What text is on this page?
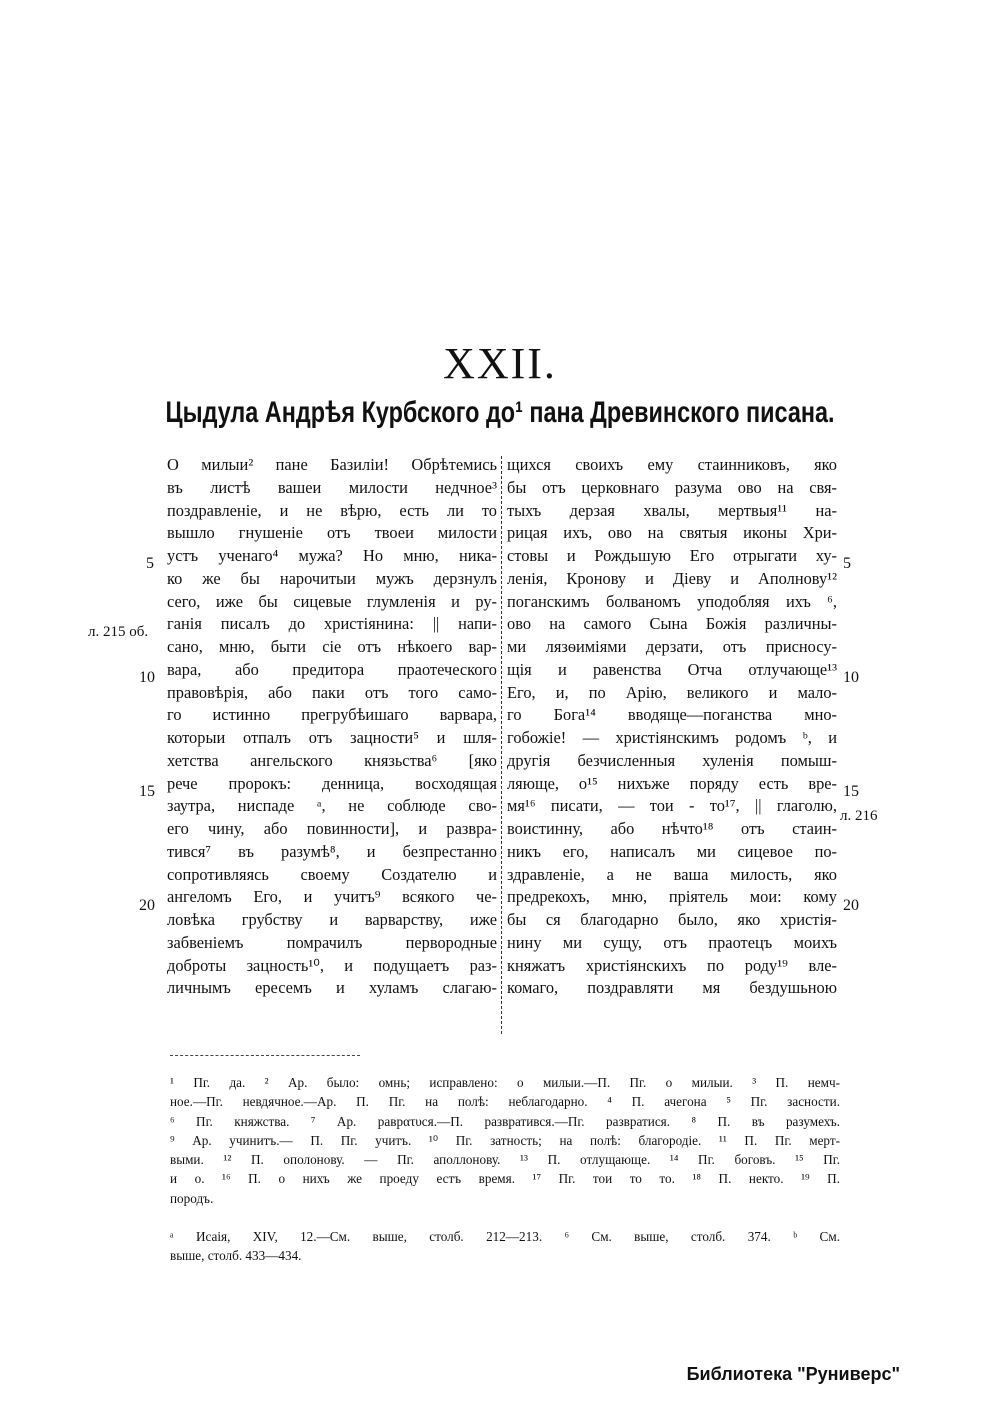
XXII.
Цыдула Андрѣя Курбского до¹ пана Древинского писана.
О милыи² пане Базилiи! Обрѣтемись
въ листѣ вашеи милости недчное³
поздравленiе, и не вѣрю, есть ли то
вышло гнушенiе отъ твоеи милости
устъ ученаго⁴ мужа? Но мню, ника-
ко же бы нарочитыи мужъ дерзнулъ
сего, иже бы сицевые глумленiя и ру-
ганiя писалъ до христiянина: || напи-
сано, мню, быти сiе отъ нѣкоего вар-
вара, або предитора праотеческого
правовѣрiя, або паки отъ того само-
го истинно прегрубѣишаго варвара,
которыи отпалъ отъ зацности⁵ и шля-
хетства ангельского князьства⁶ [яко
рече пророкъ: денница, восходящая
заутра, ниспаде ᵃ, не соблюде сво-
его чину, або повинности], и развра-
тився⁷ въ разумѣ⁸, и безпрестанно
сопротивляясь своему Создателю и
ангеломъ Его, и учитъ⁹ всякого че-
ловѣка грубству и варварству, иже
забвенiемъ помрачилъ первородные
доброты зацность¹⁰, и подущаетъ раз-
личнымъ ересемъ и хуламъ слагаю-
щихся своихъ ему стаинниковъ, яко
бы отъ церковнаго разума ово на свя-
тыхъ дерзая хвалы, мертвыя¹¹ на-
рицая ихъ, ово на святыя иконы Хри-
стовы и Рождьшую Его отрыгати ху-
ленiя, Кронову и Дiеву и Аполнову¹²
поганскимъ болваномъ уподобляя ихъ ⁶,
ово на самого Сына Божiя различны-
ми лязѳимiями дерзати, отъ присносу-
щiя и равенства Отча отлучающе¹³
Его, и, по Арiю, великого и мало-
го Бога¹⁴ вводяще—поганства мно-
гобожiе! — христiянскимъ родомъ ᵇ, и
другiя безчисленныя хуленiя помыш-
ляюще, о¹⁵ нихъже поряду есть вре-
мя¹⁶ писати, — тои - то¹⁷, || глаголю,
воистинну, або нѣчто¹⁸ отъ стаин-
никъ его, написалъ ми сицевое по-
здравленiе, а не ваша милость, яко
предрекохъ, мню, прiятель мои: кому
бы ся благодарно было, яко христiя-
нину ми сущу, отъ праотецъ моихъ
княжатъ христiянскихъ по роду¹⁹ вле-
комаго, поздравляти мя бездушьною
5
10
15
20
5
10
15
20
л. 215 об.
л. 216
¹ Пг. да. ² Ар. было: омнь; исправлено: о милыи.—П. Пг. о милыи. ³ П. немч-
ное.—Пг. невдячное.—Ар. П. Пг. на полѣ: неблагодарно. ⁴ П. ачегона ⁵ Пг. засности.
⁶ Пг. княжства. ⁷ Ар. раврατυся.—П. развратився.—Пг. развратися. ⁸ П. въ разумехъ.
⁹ Ар. учинитъ.— П. Пг. учитъ. ¹⁰ Пг. затность; на полѣ: благородiе. ¹¹ П. Пг. мерт-
выми. ¹² П. ополонову. — Пг. аполлонову. ¹³ П. отлущающе. ¹⁴ Пг. боговъ. ¹⁵ Пг.
и о. ¹⁶ П. о нихъ же проеду естъ время. ¹⁷ Пг. тои то то. ¹⁸ П. некто. ¹⁹ П.
породъ.
ᵃ Исаiя, XIV, 12.—См. выше, столб. 212—213. ⁶ См. выше, столб. 374. ᵇ См.
выше, столб. 433—434.
Библиотека "Руниверс"
